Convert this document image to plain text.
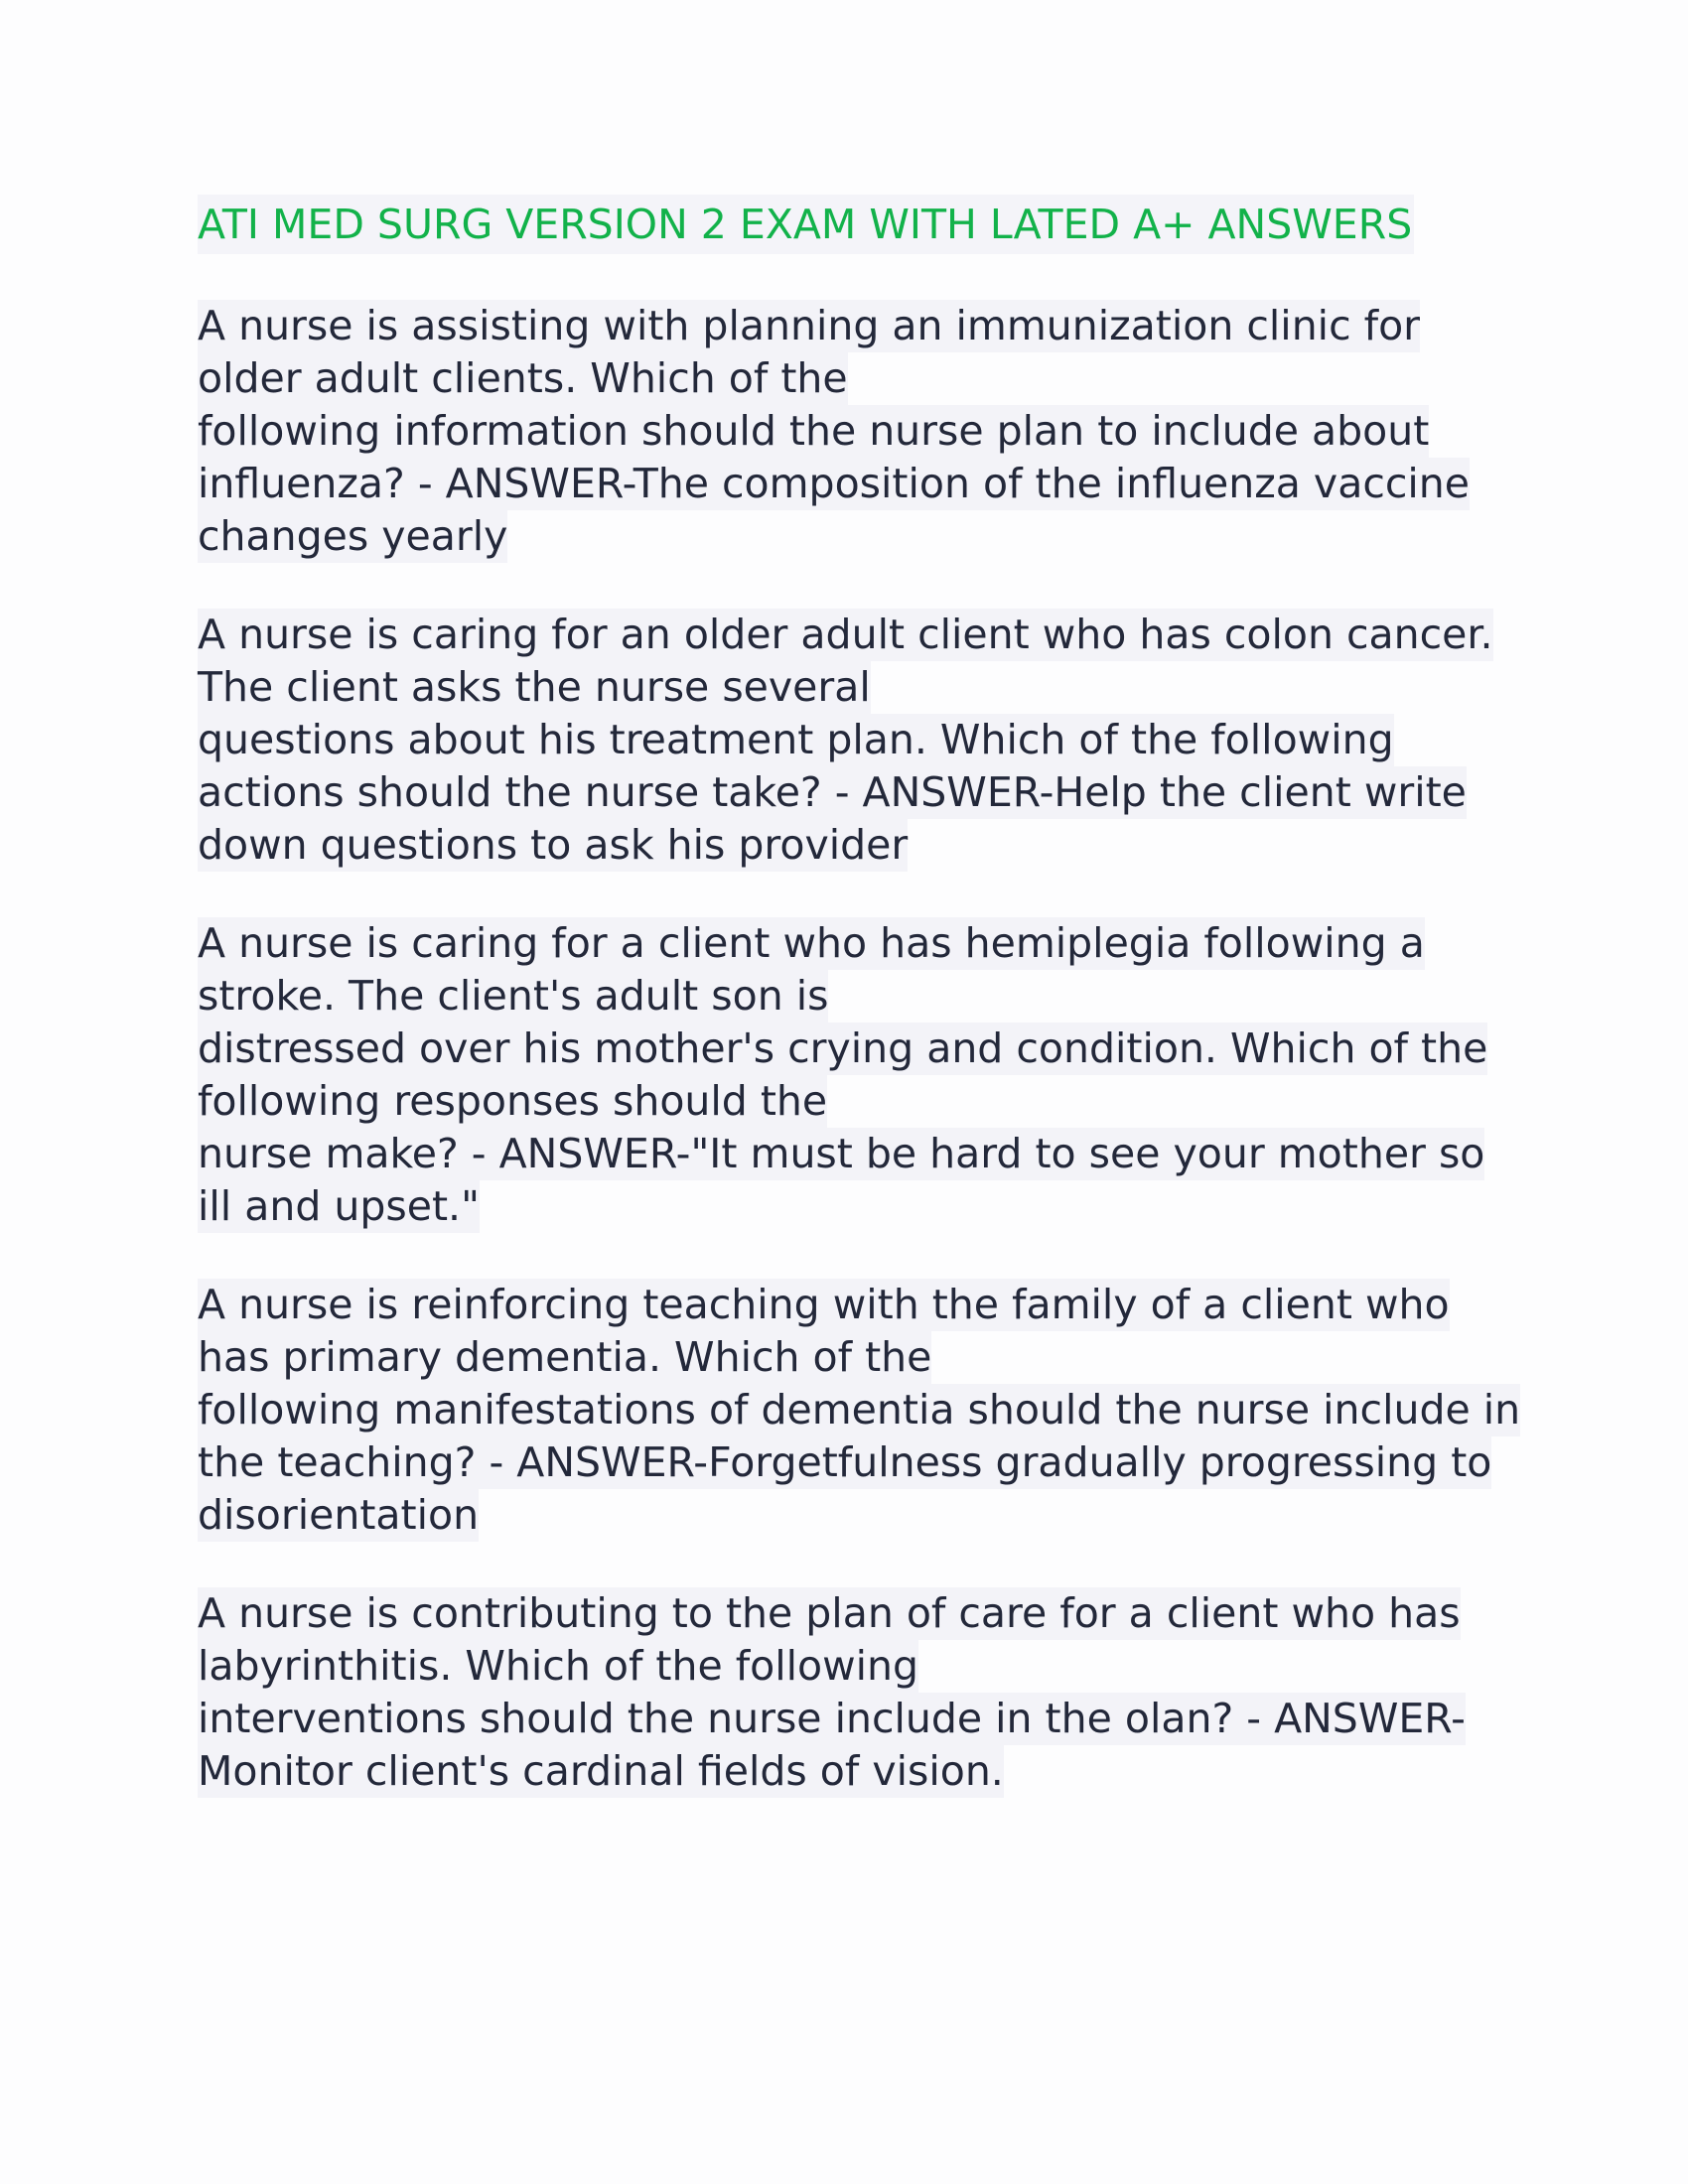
ATI MED SURG VERSION 2 EXAM WITH LATED A+ ANSWERS
A nurse is assisting with planning an immunization clinic for
older adult clients. Which of the
following information should the nurse plan to include about
influenza? - ANSWER-The composition of the influenza vaccine
changes yearly
A nurse is caring for an older adult client who has colon cancer.
The client asks the nurse several
questions about his treatment plan. Which of the following
actions should the nurse take? - ANSWER-Help the client write
down questions to ask his provider
A nurse is caring for a client who has hemiplegia following a
stroke. The client's adult son is
distressed over his mother's crying and condition. Which of the
following responses should the
nurse make? - ANSWER-"It must be hard to see your mother so
ill and upset."
A nurse is reinforcing teaching with the family of a client who
has primary dementia. Which of the
following manifestations of dementia should the nurse include in
the teaching? - ANSWER-Forgetfulness gradually progressing to
disorientation
A nurse is contributing to the plan of care for a client who has
labyrinthitis. Which of the following
interventions should the nurse include in the olan? - ANSWER-
Monitor client's cardinal fields of vision.
